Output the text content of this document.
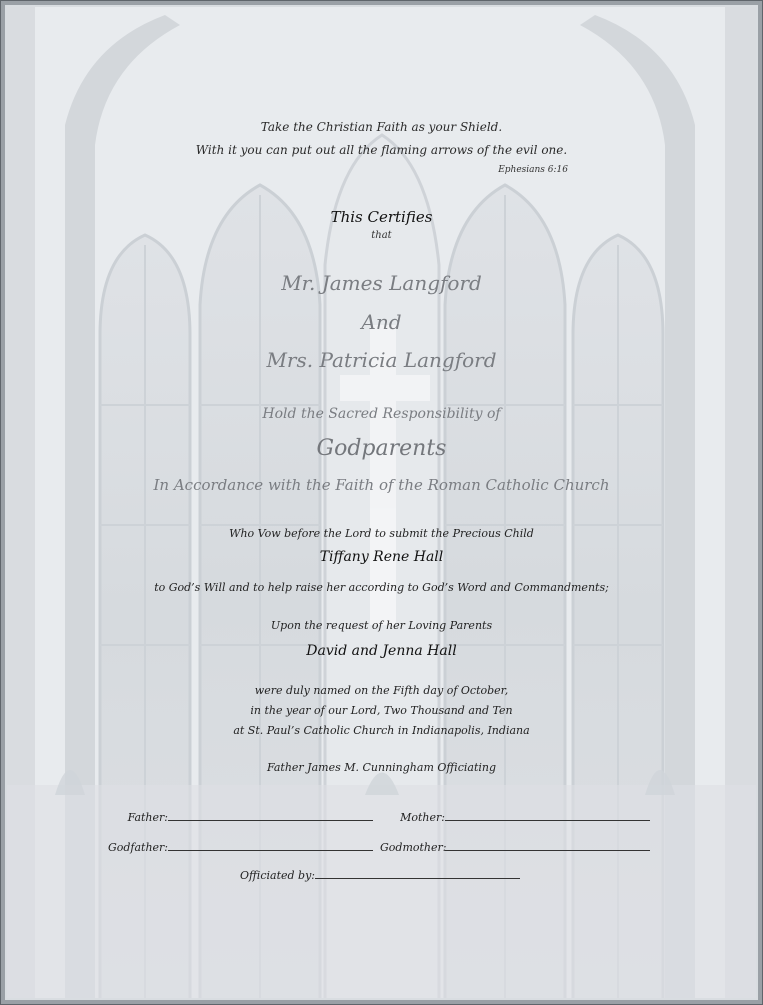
Take the Christian Faith as your Shield.
With it you can put out all the flaming arrows of the evil one.
Ephesians 6:16
This Certifies
that
Mr. James Langford
And
Mrs. Patricia Langford
Hold the Sacred Responsibility of
Godparents
In Accordance with the Faith of the Roman Catholic Church
Who Vow before the Lord to submit the Precious Child
Tiffany Rene Hall
to God’s Will and to help raise her according to God’s Word and Commandments;
Upon the request of her Loving Parents
David and Jenna Hall
were duly named on the Fifth day of October,
in the year of our Lord, Two Thousand and Ten
at St. Paul’s Catholic Church in Indianapolis, Indiana
Father James M. Cunningham Officiating
Father:	Mother:
Godfather:	Godmother:
Officiated by:
